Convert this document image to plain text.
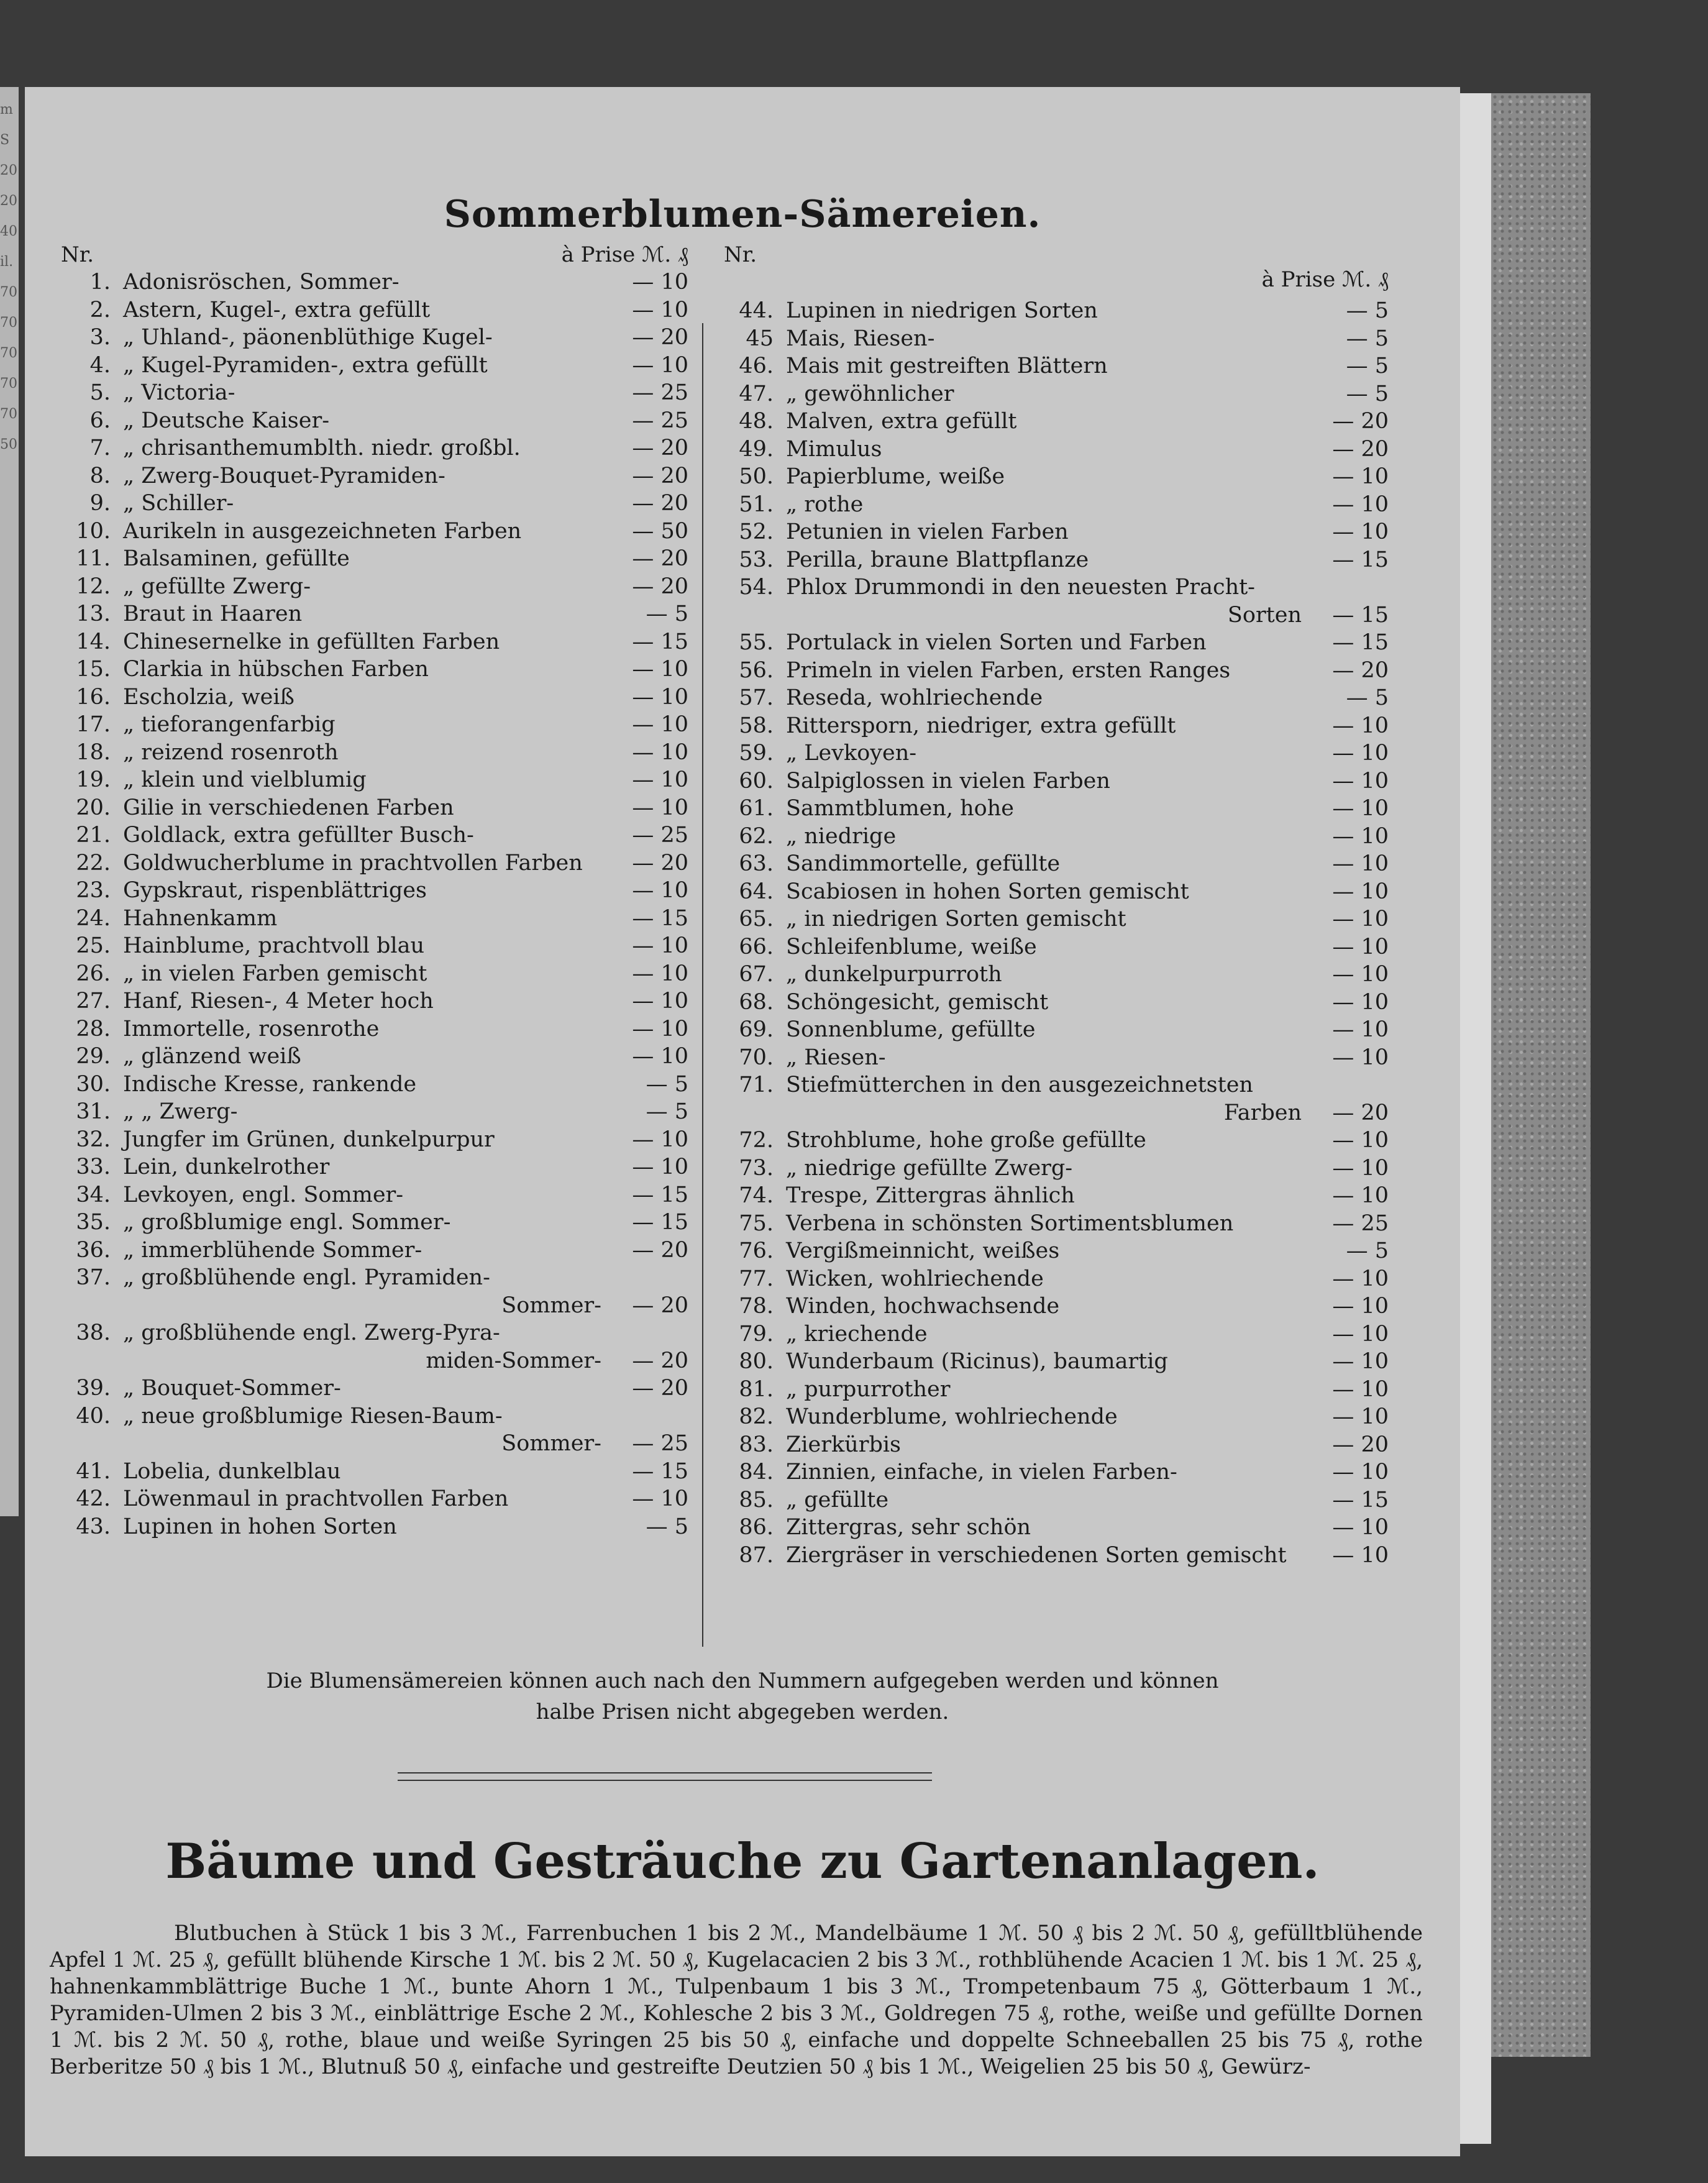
m
S
20
20
40
il.
70
70
70
70
70
50
Sommerblumen-Sämereien.
Nr.	à Prise ℳ. ₰
1. Adonisröschen, Sommer-	— 10
2. Astern, Kugel-, extra gefüllt	— 10
3. „ Uhland-, päonenblüthige Kugel-	— 20
4. „ Kugel-Pyramiden-, extra gefüllt	— 10
5. „ Victoria-	— 25
6. „ Deutsche Kaiser-	— 25
7. „ chrisanthemumblth. niedr. großbl.	— 20
8. „ Zwerg-Bouquet-Pyramiden-	— 20
9. „ Schiller-	— 20
10. Aurikeln in ausgezeichneten Farben	— 50
11. Balsaminen, gefüllte	— 20
12. „ gefüllte Zwerg-	— 20
13. Braut in Haaren	— 5
14. Chinesernelke in gefüllten Farben	— 15
15. Clarkia in hübschen Farben	— 10
16. Escholzia, weiß	— 10
17. „ tieforangenfarbig	— 10
18. „ reizend rosenroth	— 10
19. „ klein und vielblumig	— 10
20. Gilie in verschiedenen Farben	— 10
21. Goldlack, extra gefüllter Busch-	— 25
22. Goldwucherblume in prachtvollen Farben	— 20
23. Gypskraut, rispenblättriges	— 10
24. Hahnenkamm	— 15
25. Hainblume, prachtvoll blau	— 10
26. „ in vielen Farben gemischt	— 10
27. Hanf, Riesen-, 4 Meter hoch	— 10
28. Immortelle, rosenrothe	— 10
29. „ glänzend weiß	— 10
30. Indische Kresse, rankende	— 5
31. „ „ Zwerg-	— 5
32. Jungfer im Grünen, dunkelpurpur	— 10
33. Lein, dunkelrother	— 10
34. Levkoyen, engl. Sommer-	— 15
35. „ großblumige engl. Sommer-	— 15
36. „ immerblühende Sommer-	— 20
37. „ großblühende engl. Pyramiden-
Sommer-	— 20
38. „ großblühende engl. Zwerg-Pyra-
miden-Sommer-	— 20
39. „ Bouquet-Sommer-	— 20
40. „ neue großblumige Riesen-Baum-
Sommer-	— 25
41. Lobelia, dunkelblau	— 15
42. Löwenmaul in prachtvollen Farben	— 10
43. Lupinen in hohen Sorten	— 5
Nr.
à Prise ℳ. ₰
44. Lupinen in niedrigen Sorten	— 5
45 Mais, Riesen-	— 5
46. Mais mit gestreiften Blättern	— 5
47. „ gewöhnlicher	— 5
48. Malven, extra gefüllt	— 20
49. Mimulus	— 20
50. Papierblume, weiße	— 10
51. „ rothe	— 10
52. Petunien in vielen Farben	— 10
53. Perilla, braune Blattpflanze	— 15
54. Phlox Drummondi in den neuesten Pracht-
Sorten	— 15
55. Portulack in vielen Sorten und Farben	— 15
56. Primeln in vielen Farben, ersten Ranges	— 20
57. Reseda, wohlriechende	— 5
58. Rittersporn, niedriger, extra gefüllt	— 10
59. „ Levkoyen-	— 10
60. Salpiglossen in vielen Farben	— 10
61. Sammtblumen, hohe	— 10
62. „ niedrige	— 10
63. Sandimmortelle, gefüllte	— 10
64. Scabiosen in hohen Sorten gemischt	— 10
65. „ in niedrigen Sorten gemischt	— 10
66. Schleifenblume, weiße	— 10
67. „ dunkelpurpurroth	— 10
68. Schöngesicht, gemischt	— 10
69. Sonnenblume, gefüllte	— 10
70. „ Riesen-	— 10
71. Stiefmütterchen in den ausgezeichnetsten
Farben	— 20
72. Strohblume, hohe große gefüllte	— 10
73. „ niedrige gefüllte Zwerg-	— 10
74. Trespe, Zittergras ähnlich	— 10
75. Verbena in schönsten Sortimentsblumen	— 25
76. Vergißmeinnicht, weißes	— 5
77. Wicken, wohlriechende	— 10
78. Winden, hochwachsende	— 10
79. „ kriechende	— 10
80. Wunderbaum (Ricinus), baumartig	— 10
81. „ purpurrother	— 10
82. Wunderblume, wohlriechende	— 10
83. Zierkürbis	— 20
84. Zinnien, einfache, in vielen Farben-	— 10
85. „ gefüllte	— 15
86. Zittergras, sehr schön	— 10
87. Ziergräser in verschiedenen Sorten gemischt	— 10
Die Blumensämereien können auch nach den Nummern aufgegeben werden und können halbe Prisen nicht abgegeben werden.
Bäume und Gesträuche zu Gartenanlagen.
Blutbuchen à Stück 1 bis 3 ℳ., Farrenbuchen 1 bis 2 ℳ., Mandelbäume 1 ℳ. 50 ₰ bis 2 ℳ. 50 ₰, gefülltblühende Apfel 1 ℳ. 25 ₰, gefüllt blühende Kirsche 1 ℳ. bis 2 ℳ. 50 ₰, Kugelacacien 2 bis 3 ℳ., rothblühende Acacien 1 ℳ. bis 1 ℳ. 25 ₰, hahnenkammblättrige Buche 1 ℳ., bunte Ahorn 1 ℳ., Tulpenbaum 1 bis 3 ℳ., Trompetenbaum 75 ₰, Götterbaum 1 ℳ., Pyramiden-Ulmen 2 bis 3 ℳ., einblättrige Esche 2 ℳ., Kohlesche 2 bis 3 ℳ., Goldregen 75 ₰, rothe, weiße und gefüllte Dornen 1 ℳ. bis 2 ℳ. 50 ₰, rothe, blaue und weiße Syringen 25 bis 50 ₰, einfache und doppelte Schneeballen 25 bis 75 ₰, rothe Berberitze 50 ₰ bis 1 ℳ., Blutnuß 50 ₰, einfache und gestreifte Deutzien 50 ₰ bis 1 ℳ., Weigelien 25 bis 50 ₰, Gewürz-
